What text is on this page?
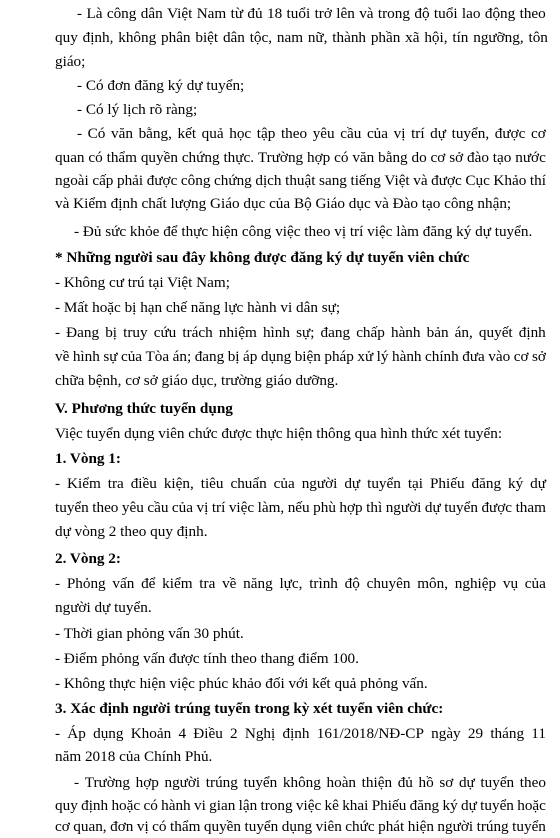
- Là công dân Việt Nam từ đủ 18 tuổi trở lên và trong độ tuổi lao động theo
quy định, không phân biệt dân tộc, nam nữ, thành phần xã hội, tín ngưỡng, tôn
giáo;
- Có đơn đăng ký dự tuyển;
- Có lý lịch rõ ràng;
- Có văn bằng, kết quả học tập theo yêu cầu của vị trí dự tuyển, được cơ
quan có thẩm quyền chứng thực. Trường hợp có văn bằng do cơ sở đào tạo nước
ngoài cấp phải được công chứng dịch thuật sang tiếng Việt và được Cục Khảo thí
và Kiểm định chất lượng Giáo dục của Bộ Giáo dục và Đào tạo công nhận;
- Đủ sức khỏe để thực hiện công việc theo vị trí việc làm đăng ký dự tuyển.
* Những người sau đây không được đăng ký dự tuyển viên chức
- Không cư trú tại Việt Nam;
- Mất hoặc bị hạn chế năng lực hành vi dân sự;
- Đang bị truy cứu trách nhiệm hình sự; đang chấp hành bản án, quyết định
về hình sự của Tòa án; đang bị áp dụng biện pháp xử lý hành chính đưa vào cơ sở
chữa bệnh, cơ sở giáo dục, trường giáo dưỡng.
V. Phương thức tuyển dụng
Việc tuyển dụng viên chức được thực hiện thông qua hình thức xét tuyển:
1. Vòng 1:
- Kiểm tra điều kiện, tiêu chuẩn của người dự tuyển tại Phiếu đăng ký dự
tuyển theo yêu cầu của vị trí việc làm, nếu phù hợp thì người dự tuyển được tham
dự vòng 2 theo quy định.
2. Vòng 2:
- Phỏng vấn để kiểm tra về năng lực, trình độ chuyên môn, nghiệp vụ của
người dự tuyển.
- Thời gian phỏng vấn 30 phút.
- Điểm phỏng vấn được tính theo thang điểm 100.
- Không thực hiện việc phúc khảo đối với kết quả phỏng vấn.
3. Xác định người trúng tuyển trong kỳ xét tuyển viên chức:
- Áp dụng Khoản 4 Điều 2 Nghị định 161/2018/NĐ-CP ngày 29 tháng 11
năm 2018 của Chính Phủ.
- Trường hợp người trúng tuyển không hoàn thiện đủ hồ sơ dự tuyển theo
quy định hoặc có hành vi gian lận trong việc kê khai Phiếu đăng ký dự tuyển hoặc
cơ quan, đơn vị có thẩm quyền tuyển dụng viên chức phát hiện người trúng tuyển
